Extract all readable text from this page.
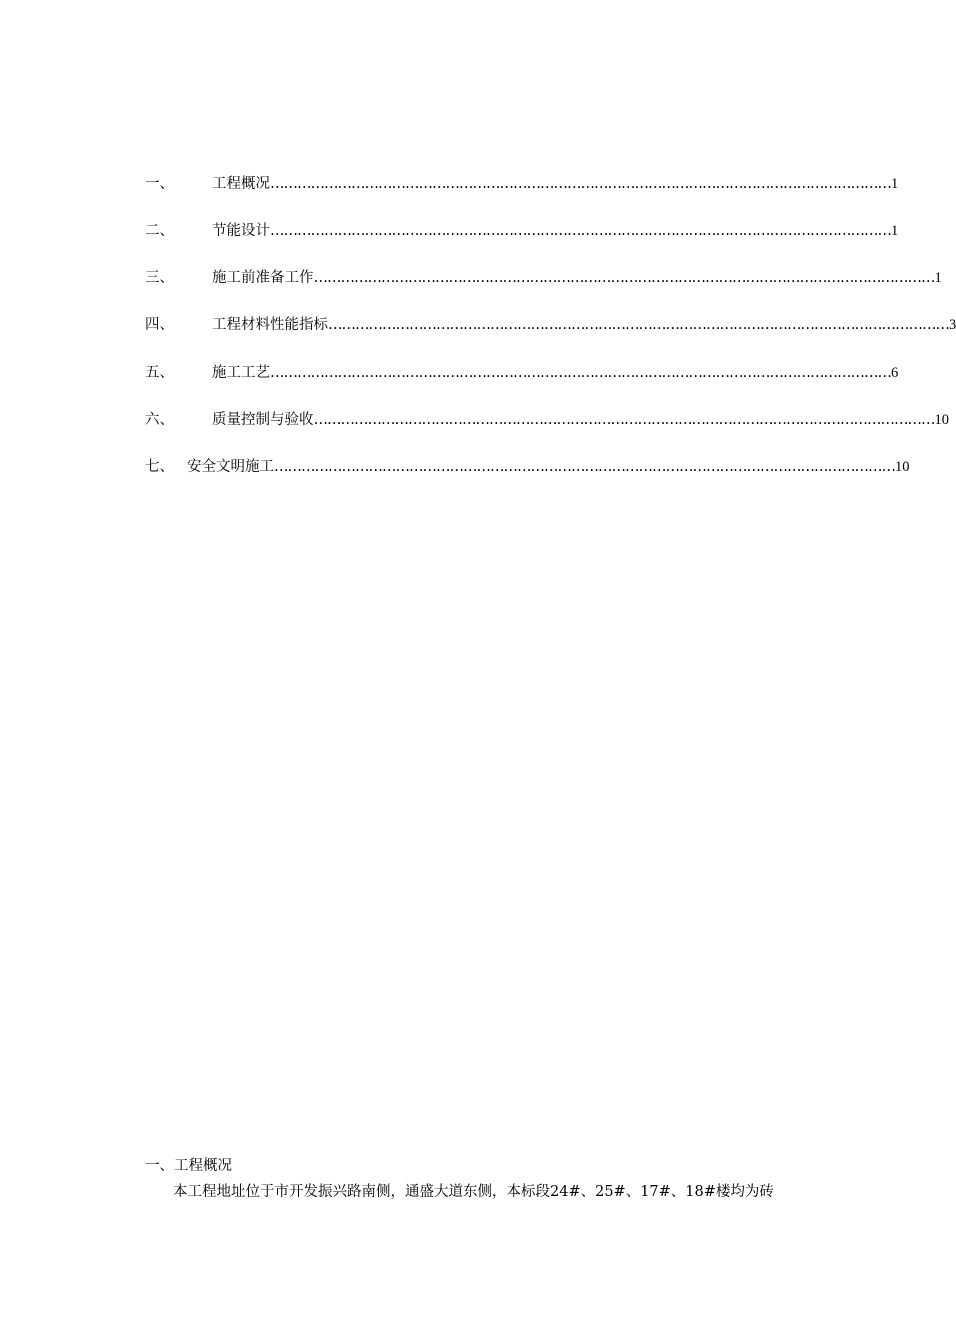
一、	工程概况 ………………………………………………………………………………………………………………………… 1
二、	节能设计 ………………………………………………………………………………………………………………………… 1
三、	施工前准备工作 ………………………………………………………………………………………………………………………… 1
四、	工程材料性能指标 ………………………………………………………………………………………………………………………… 3
五、	施工工艺 ………………………………………………………………………………………………………………………… 6
六、	质量控制与验收 ………………………………………………………………………………………………………………………… 10
七、 安全文明施工 ………………………………………………………………………………………………………………………… 10
一、工程概况
本工程地址位于市开发振兴路南侧，通盛大道东侧，本标段24#、25#、17#、18#楼均为砖
